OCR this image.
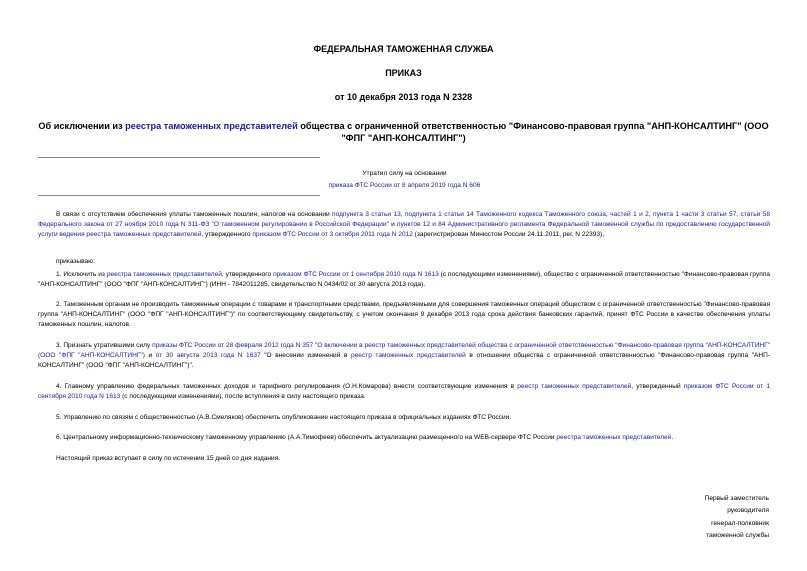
ФЕДЕРАЛЬНАЯ ТАМОЖЕННАЯ СЛУЖБА
ПРИКАЗ
от 10 декабря 2013 года N 2328
Об исключении из реестра таможенных представителей общества с ограниченной ответственностью "Финансово-правовая группа "АНП-КОНСАЛТИНГ" (ООО "ФПГ "АНП-КОНСАЛТИНГ")
Утратил силу на основании
приказа ФТС России от 8 апреля 2019 года N 606

В связи с отсутствием обеспечения уплаты таможенных пошлин, налогов на основании подпункта 3 статьи 13, подпункта 1 статьи 14 Таможенного кодекса Таможенного союза, частей 1 и 2, пункта 1 части 3 статьи 57, статьи 58 Федерального закона от 27 ноября 2010 года N 311-ФЗ "О таможенном регулировании в Российской Федерации" и пунктов 12 и 84 Административного регламента Федеральной таможенной службы по предоставлению государственной услуги ведения реестра таможенных представителей, утвержденного приказом ФТС России от 3 октября 2011 года N 2012 (зарегистрирован Минюстом России 24.11.2011, рег. N 22393),

приказываю:

1. Исключить из реестра таможенных представителей, утвержденного приказом ФТС России от 1 сентября 2010 года N 1613 (с последующими изменениями), общество с ограниченной ответственностью "Финансово-правовая группа "АНП-КОНСАЛТИНГ" (ООО "ФПГ "АНП-КОНСАЛТИНГ") (ИНН - 7842011285, свидетельство N 0434/02 от 30 августа 2013 года).

2. Таможенным органам не производить таможенные операции с товарами и транспортными средствами, предъявляемыми для совершения таможенных операций обществом с ограниченной ответственностью "Финансово-правовая группа "АНП-КОНСАЛТИНГ" (ООО "ФПГ "АНП-КОНСАЛТИНГ")" по соответствующему свидетельству, с учетом окончания 9 декабря 2013 года срока действия банковских гарантий, принят ФТС России в качестве обеспечения уплаты таможенных пошлин, налогов.

3. Признать утратившими силу приказы ФТС России от 28 февраля 2012 года N 357 "О включении в реестр таможенных представителей общества с ограниченной ответственностью "Финансово-правовая группа "АНП-КОНСАЛТИНГ" (ООО "ФПГ "АНП-КОНСАЛТИНГ") и от 30 августа 2013 года N 1637 "О внесении изменений в реестр таможенных представителей в отношении общества с ограниченной ответственностью "Финансово-правовая группа "АНП-КОНСАЛТИНГ" (ООО "ФПГ "АНП-КОНСАЛТИНГ")".

4. Главному управлению федеральных таможенных доходов и тарифного регулирования (О.Н.Комарова) внести соответствующие изменения в реестр таможенных представителей, утвержденный приказом ФТС России от 1 сентября 2010 года N 1613 (с последующими изменениями), после вступления в силу настоящего приказа.

5. Управлению по связям с общественностью (А.В.Смеляков) обеспечить опубликование настоящего приказа в официальных изданиях ФТС России.

6. Центральному информационно-техническому таможенному управлению (А.А.Тимофеев) обеспечить актуализацию размещенного на WEB-сервере ФТС России реестра таможенных представителей.

Настоящий приказ вступает в силу по истечении 15 дней со дня издания.

Первый заместитель
руководителя
генерал-полковник
таможенной службы
